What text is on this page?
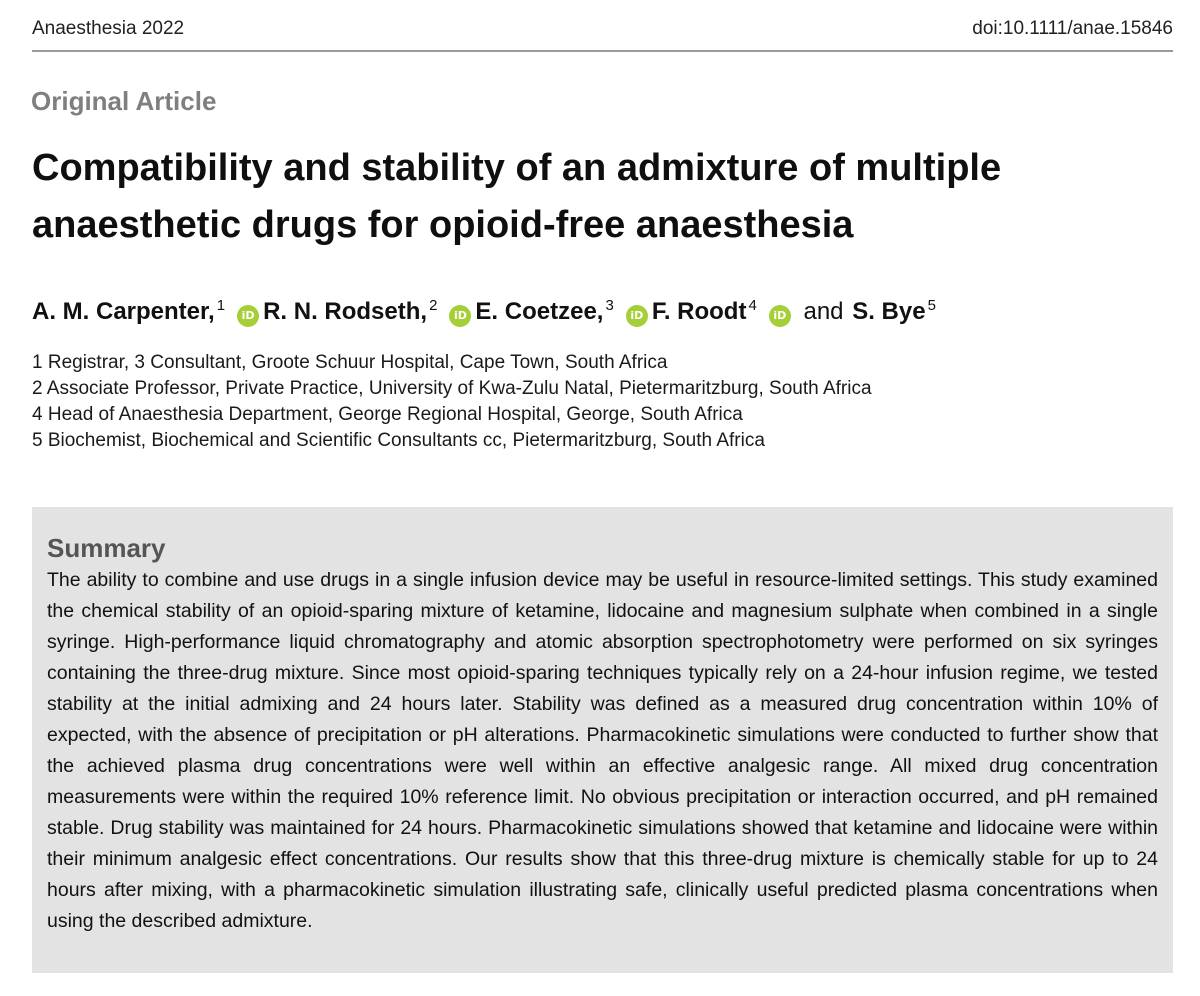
Anaesthesia 2022	doi:10.1111/anae.15846
Original Article
Compatibility and stability of an admixture of multiple anaesthetic drugs for opioid-free anaesthesia
A. M. Carpenter, $^1$iD R. N. Rodseth, $^2$iD E. Coetzee, $^3$iD F. Roodt $^4$iD and S. Bye $^5$
1 Registrar, 3 Consultant, Groote Schuur Hospital, Cape Town, South Africa
2 Associate Professor, Private Practice, University of Kwa-Zulu Natal, Pietermaritzburg, South Africa
4 Head of Anaesthesia Department, George Regional Hospital, George, South Africa
5 Biochemist, Biochemical and Scientific Consultants cc, Pietermaritzburg, South Africa
Summary

The ability to combine and use drugs in a single infusion device may be useful in resource-limited settings. This study examined the chemical stability of an opioid-sparing mixture of ketamine, lidocaine and magnesium sulphate when combined in a single syringe. High-performance liquid chromatography and atomic absorption spectrophotometry were performed on six syringes containing the three-drug mixture. Since most opioid-sparing techniques typically rely on a 24-hour infusion regime, we tested stability at the initial admixing and 24 hours later. Stability was defined as a measured drug concentration within 10% of expected, with the absence of precipitation or pH alterations. Pharmacokinetic simulations were conducted to further show that the achieved plasma drug concentrations were well within an effective analgesic range. All mixed drug concentration measurements were within the required 10% reference limit. No obvious precipitation or interaction occurred, and pH remained stable. Drug stability was maintained for 24 hours. Pharmacokinetic simulations showed that ketamine and lidocaine were within their minimum analgesic effect concentrations. Our results show that this three-drug mixture is chemically stable for up to 24 hours after mixing, with a pharmacokinetic simulation illustrating safe, clinically useful predicted plasma concentrations when using the described admixture.
